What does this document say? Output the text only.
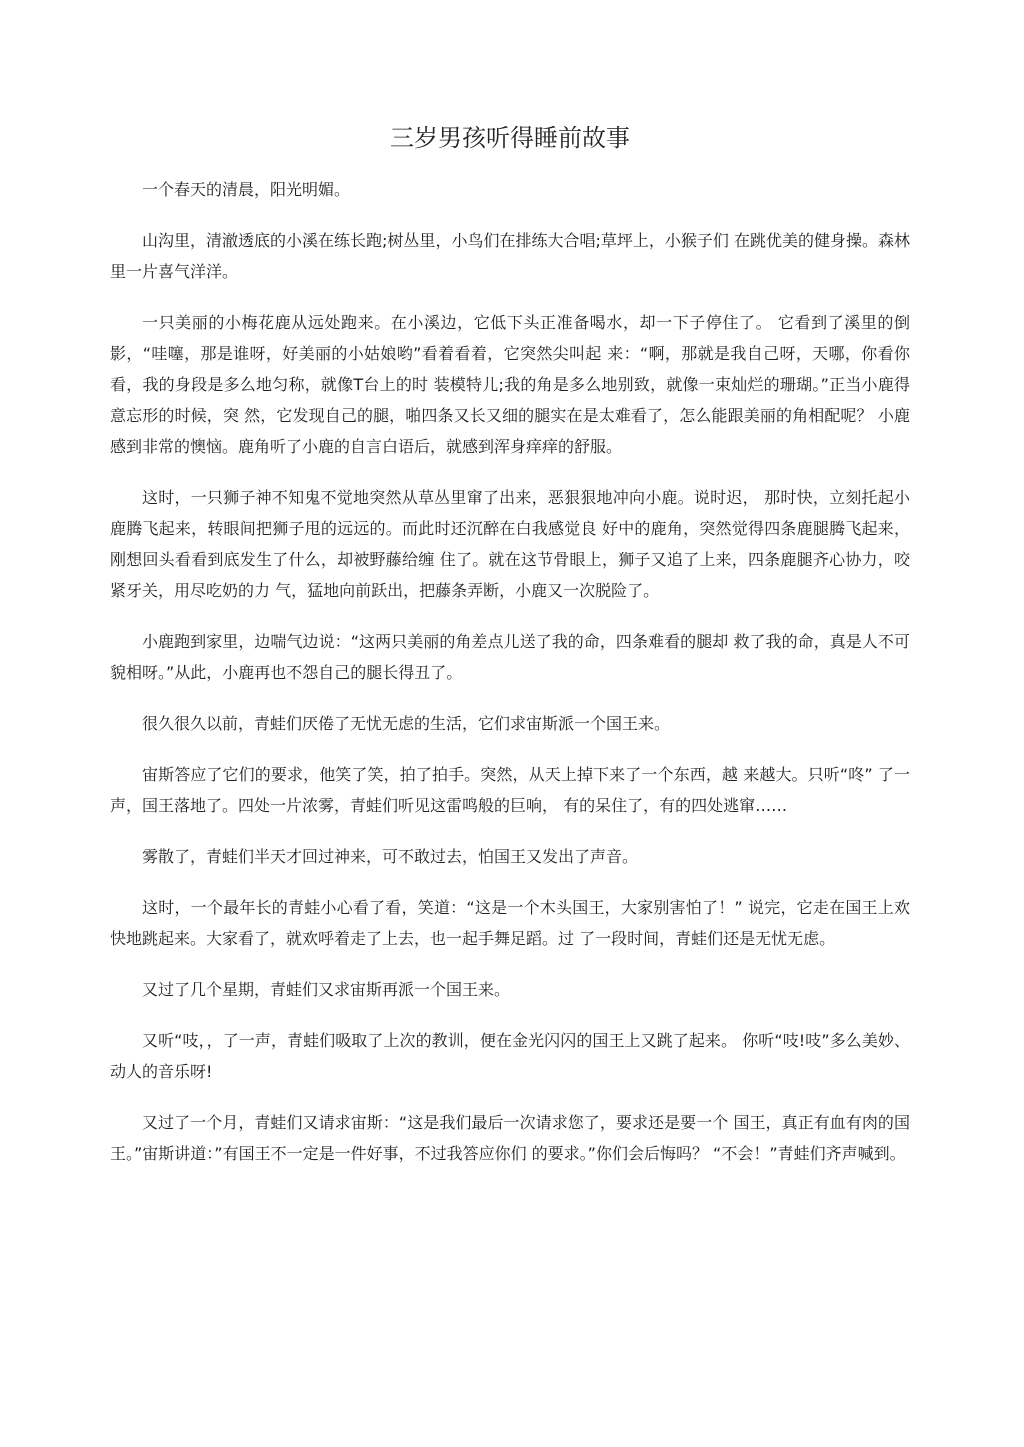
三岁男孩听得睡前故事

一个春天的清晨，阳光明媚。

山沟里，清澈透底的小溪在练长跑;树丛里，小鸟们在排练大合唱;草坪上，小猴子们 在跳优美的健身操。森林里一片喜气洋洋。

一只美丽的小梅花鹿从远处跑来。在小溪边，它低下头正准备喝水，却一下子停住了。 它看到了溪里的倒影，“哇噻，那是谁呀，好美丽的小姑娘哟”看着看着，它突然尖叫起 来：“啊，那就是我自己呀，天哪，你看你看，我的身段是多么地匀称，就像T台上的时 装模特儿;我的角是多么地别致，就像一束灿烂的珊瑚。”正当小鹿得意忘形的时候，突 然，它发现自己的腿，啪四条又长又细的腿实在是太难看了，怎么能跟美丽的角相配呢？ 小鹿感到非常的懊恼。鹿角听了小鹿的自言白语后，就感到浑身痒痒的舒服。

这时，一只狮子神不知鬼不觉地突然从草丛里窜了出来，恶狠狠地冲向小鹿。说时迟， 那时快，立刻托起小鹿腾飞起来，转眼间把狮子甩的远远的。而此时还沉醉在白我感觉良 好中的鹿角，突然觉得四条鹿腿腾飞起来，刚想回头看看到底发生了什么，却被野藤给缠 住了。就在这节骨眼上，狮子又追了上来，四条鹿腿齐心协力，咬紧牙关，用尽吃奶的力 气，猛地向前跃出，把藤条弄断，小鹿又一次脱险了。

小鹿跑到家里，边喘气边说：“这两只美丽的角差点儿送了我的命，四条难看的腿却 救了我的命，真是人不可貌相呀。”从此，小鹿再也不怨自己的腿长得丑了。

很久很久以前，青蛙们厌倦了无忧无虑的生活，它们求宙斯派一个国王来。

宙斯答应了它们的要求，他笑了笑，拍了拍手。突然，从天上掉下来了一个东西，越 来越大。只听“咚” 了一声，国王落地了。四处一片浓雾，青蛙们听见这雷鸣般的巨响， 有的呆住了，有的四处逃窜……

雾散了，青蛙们半天才回过神来，可不敢过去，怕国王又发出了声音。

这时，一个最年长的青蛙小心看了看，笑道：“这是一个木头国王，大家别害怕了！” 说完，它走在国王上欢快地跳起来。大家看了，就欢呼着走了上去，也一起手舞足蹈。过 了一段时间，青蛙们还是无忧无虑。

又过了几个星期，青蛙们又求宙斯再派一个国王来。

又听“吱，，了一声，青蛙们吸取了上次的教训，便在金光闪闪的国王上又跳了起来。 你听“吱!吱”多么美妙、动人的音乐呀!

又过了一个月，青蛙们又请求宙斯：“这是我们最后一次请求您了，要求还是要一个 国王，真正有血有肉的国王。”宙斯讲道：”有国王不一定是一件好事，不过我答应你们 的要求。”你们会后悔吗？ “不会！”青蛙们齐声喊到。
